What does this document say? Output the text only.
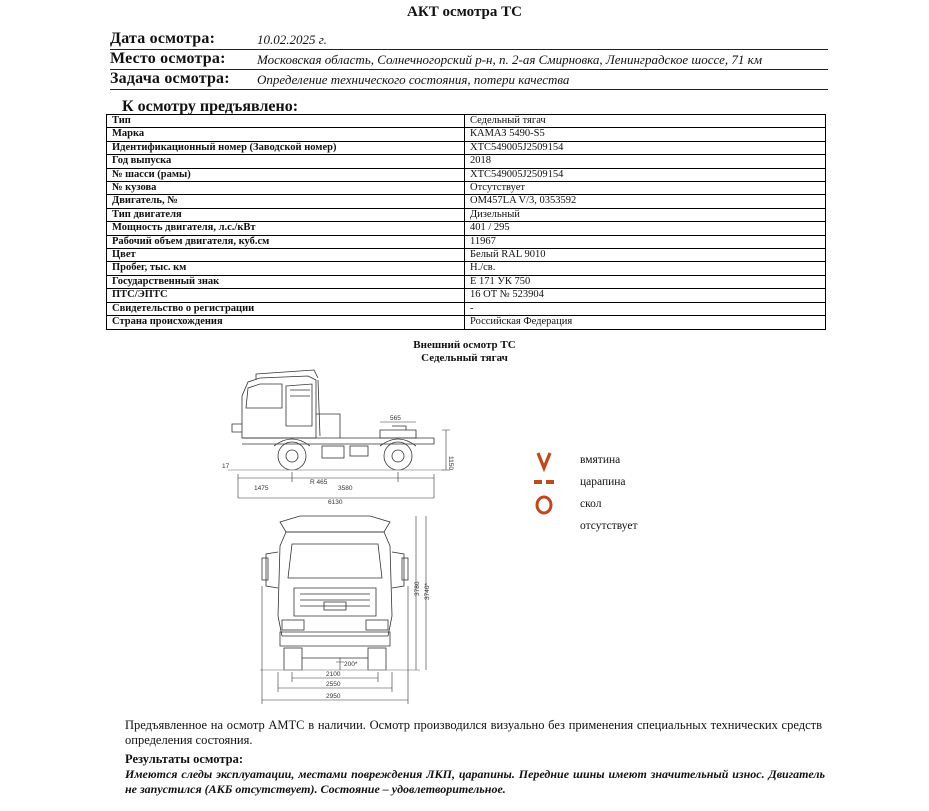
АКТ осмотра ТС
Дата осмотра:	10.02.2025 г.
Место осмотра: Московская область, Солнечногорский р-н, п. 2-ая Смирновка, Ленинградское шоссе, 71 км
Задача осмотра: Определение технического состояния, потери качества
К осмотру предъявлено:
Тип	Седельный тягач
Марка	КАМАЗ 5490-S5
Идентификационный номер (Заводской номер)	XTC549005J2509154
Год выпуска	2018
№ шасси (рамы)	XTC549005J2509154
№ кузова	Отсутствует
Двигатель, №	OM457LA V/3, 0353592
Тип двигателя	Дизельный
Мощность двигателя, л.с./кВт	401 / 295
Рабочий объем двигателя, куб.см	11967
Цвет	Белый RAL 9010
Пробег, тыс. км	Н./св.
Государственный знак	Е 171 УК 750
ПТС/ЭПТС	16 ОТ № 523904
Свидетельство о регистрации	-
Страна происхождения	Российская Федерация
Внешний осмотр ТС
Седельный тягач
1475	3580
R 465
6130
565
17	1150
2100
2550
2950
200*
3780 3740*
вмятина
царапина
скол
отсутствует
Предъявленное на осмотр АМТС в наличии. Осмотр производился визуально без применения специальных технических средств определения состояния.
Результаты осмотра:
Имеются следы эксплуатации, местами повреждения ЛКП, царапины. Передние шины имеют значительный износ. Двигатель не запустился (АКБ отсутствует). Состояние – удовлетворительное.
